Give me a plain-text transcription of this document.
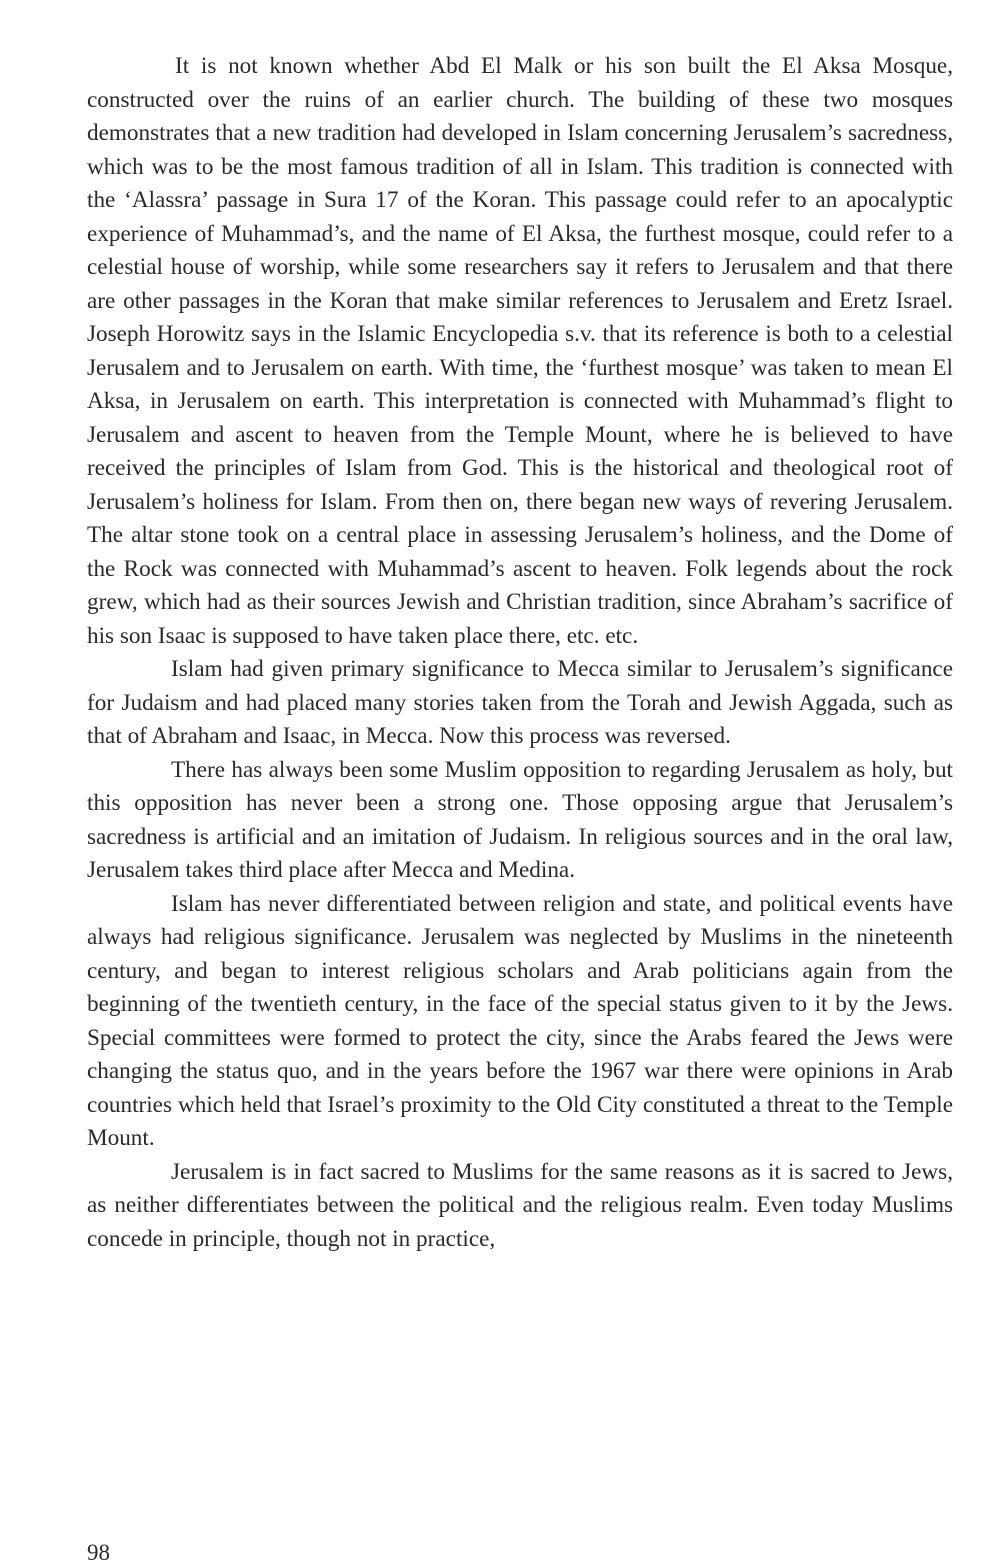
It is not known whether Abd El Malk or his son built the El Aksa Mosque, constructed over the ruins of an earlier church. The building of these two mosques demonstrates that a new tradition had developed in Islam concerning Jerusalem’s sacredness, which was to be the most famous tradition of all in Islam. This tradition is connected with the ‘Alassra’ passage in Sura 17 of the Koran. This passage could refer to an apocalyptic experience of Muhammad’s, and the name of El Aksa, the furthest mosque, could refer to a celestial house of worship, while some researchers say it refers to Jerusalem and that there are other passages in the Koran that make similar references to Jerusalem and Eretz Israel. Joseph Horowitz says in the Islamic Encyclopedia s.v. that its reference is both to a celestial Jerusalem and to Jerusalem on earth. With time, the ‘furthest mosque’ was taken to mean El Aksa, in Jerusalem on earth. This interpretation is connected with Muhammad’s flight to Jerusalem and ascent to heaven from the Temple Mount, where he is believed to have received the principles of Islam from God. This is the historical and theological root of Jerusalem’s holiness for Islam. From then on, there began new ways of revering Jerusalem. The altar stone took on a central place in assessing Jerusalem’s holiness, and the Dome of the Rock was connected with Muhammad’s ascent to heaven. Folk legends about the rock grew, which had as their sources Jewish and Christian tradition, since Abraham’s sacrifice of his son Isaac is supposed to have taken place there, etc. etc.

Islam had given primary significance to Mecca similar to Jerusalem’s significance for Judaism and had placed many stories taken from the Torah and Jewish Aggada, such as that of Abraham and Isaac, in Mecca. Now this process was reversed.

There has always been some Muslim opposition to regarding Jerusalem as holy, but this opposition has never been a strong one. Those opposing argue that Jerusalem’s sacredness is artificial and an imitation of Judaism. In religious sources and in the oral law, Jerusalem takes third place after Mecca and Medina.

Islam has never differentiated between religion and state, and political events have always had religious significance. Jerusalem was neglected by Muslims in the nineteenth century, and began to interest religious scholars and Arab politicians again from the beginning of the twentieth century, in the face of the special status given to it by the Jews. Special committees were formed to protect the city, since the Arabs feared the Jews were changing the status quo, and in the years before the 1967 war there were opinions in Arab countries which held that Israel’s proximity to the Old City constituted a threat to the Temple Mount.

Jerusalem is in fact sacred to Muslims for the same reasons as it is sacred to Jews, as neither differentiates between the political and the religious realm. Even today Muslims concede in principle, though not in practice,

98
